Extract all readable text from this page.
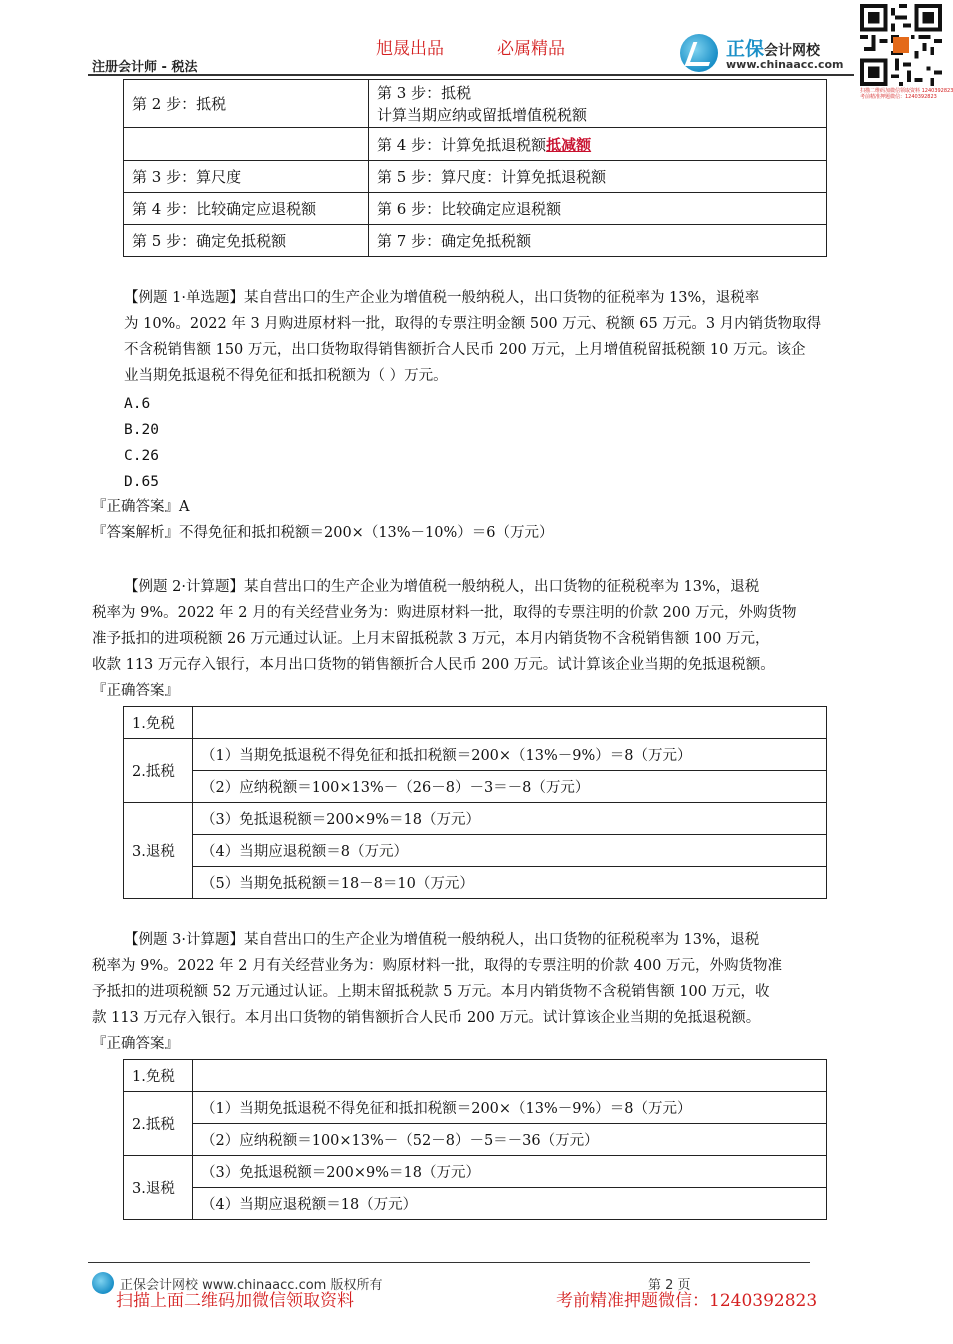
旭晟出品	必属精品
注册会计师 - 税法
正保会计网校
www.chinaacc.com
扫描二维码加微信领取资料 1240392823
考前精准押题微信：1240392823
第 2 步：抵税	第 3 步：抵税
计算当期应纳或留抵增值税税额

	第 4 步：计算免抵退税额抵减额
第 3 步：算尺度	第 5 步：算尺度：计算免抵退税额
第 4 步：比较确定应退税额	第 6 步：比较确定应退税额
第 5 步：确定免抵税额	第 7 步：确定免抵税额
【例题 1·单选题】某自营出口的生产企业为增值税一般纳税人，出口货物的征税率为 13%，退税率
为 10%。2022 年 3 月购进原材料一批，取得的专票注明金额 500 万元、税额 65 万元。3 月内销货物取得
不含税销售额 150 万元，出口货物取得销售额折合人民币 200 万元，上月增值税留抵税额 10 万元。该企
业当期免抵退税不得免征和抵扣税额为（ ）万元。
A.6
B.20
C.26
D.65
『正确答案』A
『答案解析』不得免征和抵扣税额＝200×（13%－10%）＝6（万元）
【例题 2·计算题】某自营出口的生产企业为增值税一般纳税人，出口货物的征税税率为 13%，退税
税率为 9%。2022 年 2 月的有关经营业务为：购进原材料一批，取得的专票注明的价款 200 万元，外购货物
准予抵扣的进项税额 26 万元通过认证。上月末留抵税款 3 万元，本月内销货物不含税销售额 100 万元，
收款 113 万元存入银行，本月出口货物的销售额折合人民币 200 万元。试计算该企业当期的免抵退税额。
『正确答案』
1.免税	
2.抵税	（1）当期免抵退税不得免征和抵扣税额＝200×（13%－9%）＝8（万元）
	（2）应纳税额＝100×13%－（26－8）－3＝－8（万元）
3.退税	（3）免抵退税额＝200×9%＝18（万元）
	（4）当期应退税额＝8（万元）
	（5）当期免抵税额＝18－8＝10（万元）
【例题 3·计算题】某自营出口的生产企业为增值税一般纳税人，出口货物的征税税率为 13%，退税
税率为 9%。2022 年 2 月有关经营业务为：购原材料一批，取得的专票注明的价款 400 万元，外购货物准
予抵扣的进项税额 52 万元通过认证。上期末留抵税款 5 万元。本月内销货物不含税销售额 100 万元，收
款 113 万元存入银行。本月出口货物的销售额折合人民币 200 万元。试计算该企业当期的免抵退税额。
『正确答案』
1.免税	
2.抵税	（1）当期免抵退税不得免征和抵扣税额＝200×（13%－9%）＝8（万元）
	（2）应纳税额＝100×13%－（52－8）－5＝－36（万元）
3.退税	（3）免抵退税额＝200×9%＝18（万元）
	（4）当期应退税额＝18（万元）
正保会计网校 www.chinaacc.com 版权所有	第 2 页
扫描上面二维码加微信领取资料	考前精准押题微信：1240392823
